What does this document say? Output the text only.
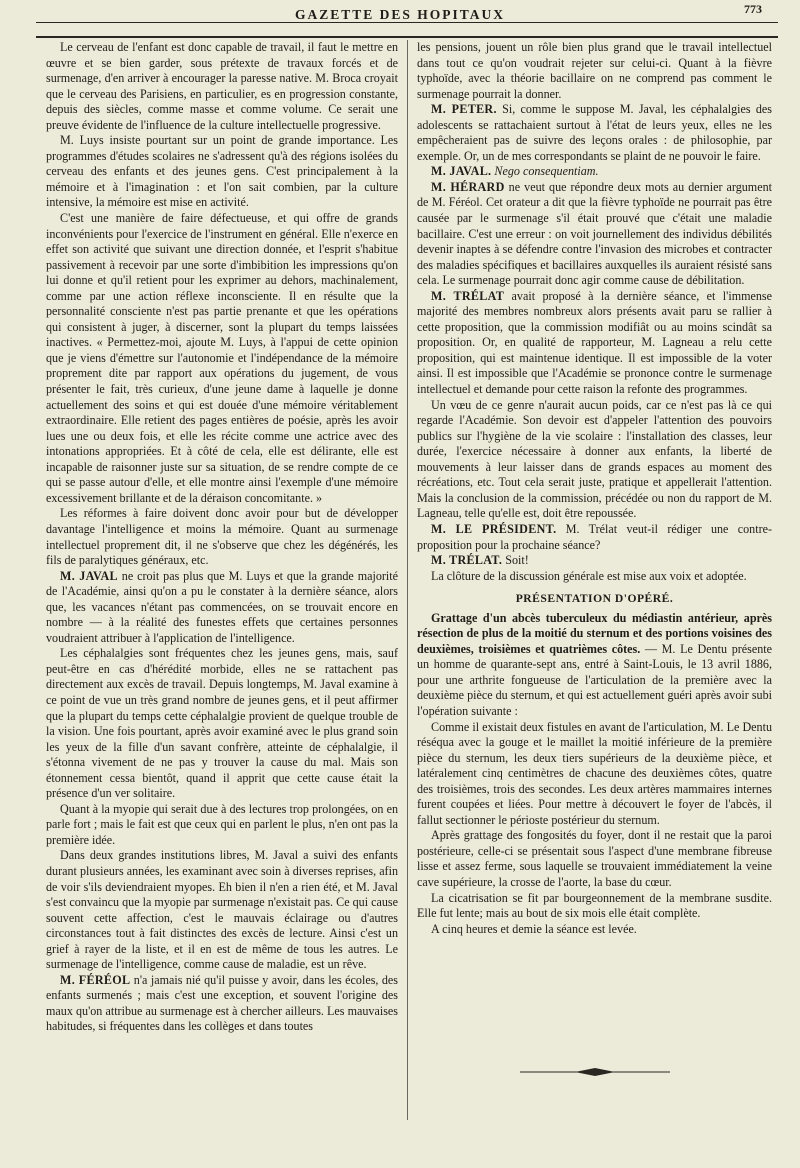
GAZETTE DES HOPITAUX	773

Le cerveau de l'enfant est donc capable de travail, il faut le mettre en œuvre et se bien garder, sous prétexte de travaux forcés et de surmenage, d'en arriver à encourager la paresse native. M. Broca croyait que le cerveau des Parisiens, en particulier, es en progression constante, depuis des siècles, comme masse et comme volume. Ce serait une preuve évidente de l'influence de la culture intellectuelle progressive.

M. Luys insiste pourtant sur un point de grande importance. Les programmes d'études scolaires ne s'adressent qu'à des régions isolées du cerveau des enfants et des jeunes gens. C'est principalement à la mémoire et à l'imagination : et l'on sait combien, par la culture intensive, la mémoire est mise en activité.

C'est une manière de faire défectueuse, et qui offre de grands inconvénients pour l'exercice de l'instrument en général. Elle n'exerce en effet son activité que suivant une direction donnée, et l'esprit s'habitue passivement à recevoir par une sorte d'imbibition les impressions qu'on lui donne et qu'il retient pour les exprimer au dehors, machinalement, comme par une action réflexe inconsciente. Il en résulte que la personnalité consciente n'est pas partie prenante et que les opérations qui consistent à juger, à discerner, sont la plupart du temps laissées inactives. « Permettez-moi, ajoute M. Luys, à l'appui de cette opinion que je viens d'émettre sur l'autonomie et l'indépendance de la mémoire proprement dite par rapport aux opérations du jugement, de vous présenter le fait, très curieux, d'une jeune dame à laquelle je donne actuellement des soins et qui est douée d'une mémoire véritablement extraordinaire. Elle retient des pages entières de poésie, après les avoir lues une ou deux fois, et elle les récite comme une actrice avec des intonations appropriées. Et à côté de cela, elle est délirante, elle est incapable de raisonner juste sur sa situation, de se rendre compte de ce qui se passe autour d'elle, et elle montre ainsi l'exemple d'une mémoire excessivement brillante et de la déraison concomitante. »

Les réformes à faire doivent donc avoir pour but de développer davantage l'intelligence et moins la mémoire. Quant au surmenage intellectuel proprement dit, il ne s'observe que chez les dégénérés, les fils de paralytiques généraux, etc.

M. JAVAL ne croit pas plus que M. Luys et que la grande majorité de l'Académie, ainsi qu'on a pu le constater à la dernière séance, alors que, les vacances n'étant pas commencées, on se trouvait encore en nombre — à la réalité des funestes effets que certaines personnes voudraient attribuer à l'application de l'intelligence.

Les céphalalgies sont fréquentes chez les jeunes gens, mais, sauf peut-être en cas d'hérédité morbide, elles ne se rattachent pas directement aux excès de travail. Depuis longtemps, M. Javal examine à ce point de vue un très grand nombre de jeunes gens, et il peut affirmer que la plupart du temps cette céphalalgie provient de quelque trouble de la vision. Une fois pourtant, après avoir examiné avec le plus grand soin les yeux de la fille d'un savant confrère, atteinte de céphalalgie, il s'étonna vivement de ne pas y trouver la cause du mal. Mais son étonnement cessa bientôt, quand il apprit que cette cause était la présence d'un ver solitaire.

Quant à la myopie qui serait due à des lectures trop prolongées, on en parle fort ; mais le fait est que ceux qui en parlent le plus, n'en ont pas la première idée.

Dans deux grandes institutions libres, M. Javal a suivi des enfants durant plusieurs années, les examinant avec soin à diverses reprises, afin de voir s'ils deviendraient myopes. Eh bien il n'en a rien été, et M. Javal s'est convaincu que la myopie par surmenage n'existait pas. Ce qui cause souvent cette affection, c'est le mauvais éclairage ou d'autres circonstances tout à fait distinctes des excès de lecture. Ainsi c'est un grief à rayer de la liste, et il en est de même de tous les autres. Le surmenage de l'intelligence, comme cause de maladie, est un rêve.

M. FÉRÉOL n'a jamais nié qu'il puisse y avoir, dans les écoles, des enfants surmenés ; mais c'est une exception, et souvent l'origine des maux qu'on attribue au surmenage est à chercher ailleurs. Les mauvaises habitudes, si fréquentes dans les collèges et dans toutes

les pensions, jouent un rôle bien plus grand que le travail intellectuel dans tout ce qu'on voudrait rejeter sur celui-ci. Quant à la fièvre typhoïde, avec la théorie bacillaire on ne comprend pas comment le surmenage pourrait la donner.

M. PETER. Si, comme le suppose M. Javal, les céphalalgies des adolescents se rattachaient surtout à l'état de leurs yeux, elles ne les empêcheraient pas de suivre des leçons orales : de philosophie, par exemple. Or, un de mes correspondants se plaint de ne pouvoir le faire.

M. JAVAL. Nego consequentiam.

M. HÉRARD ne veut que répondre deux mots au dernier argument de M. Féréol. Cet orateur a dit que la fièvre typhoïde ne pourrait pas être causée par le surmenage s'il était prouvé que c'était une maladie bacillaire. C'est une erreur : on voit journellement des individus débilités devenir inaptes à se défendre contre l'invasion des microbes et contracter des maladies spécifiques et bacillaires auxquelles ils auraient résisté sans cela. Le surmenage pourrait donc agir comme cause de débilitation.

M. TRÉLAT avait proposé à la dernière séance, et l'immense majorité des membres nombreux alors présents avait paru se rallier à cette proposition, que la commission modifiât ou au moins scindât sa proposition. Or, en qualité de rapporteur, M. Lagneau a relu cette proposition, qui est maintenue identique. Il est impossible de la voter ainsi. Il est impossible que l'Académie se prononce contre le surmenage intellectuel et demande pour cette raison la refonte des programmes.

Un vœu de ce genre n'aurait aucun poids, car ce n'est pas là ce qui regarde l'Académie. Son devoir est d'appeler l'attention des pouvoirs publics sur l'hygiène de la vie scolaire : l'installation des classes, leur durée, l'exercice nécessaire à donner aux enfants, la liberté de mouvements à leur laisser dans de grands espaces au moment des récréations, etc. Tout cela serait juste, pratique et appellerait l'attention. Mais la conclusion de la commission, précédée ou non du rapport de M. Lagneau, telle qu'elle est, doit être repoussée.

M. LE PRÉSIDENT. M. Trélat veut-il rédiger une contre-proposition pour la prochaine séance?

M. TRÉLAT. Soit!

La clôture de la discussion générale est mise aux voix et adoptée.

PRÉSENTATION D'OPÉRÉ.

Grattage d'un abcès tuberculeux du médiastin antérieur, après résection de plus de la moitié du sternum et des portions voisines des deuxièmes, troisièmes et quatrièmes côtes. — M. Le Dentu présente un homme de quarante-sept ans, entré à Saint-Louis, le 13 avril 1886, pour une arthrite fongueuse de l'articulation de la première avec la deuxième pièce du sternum, et qui est actuellement guéri après avoir subi l'opération suivante :

Comme il existait deux fistules en avant de l'articulation, M. Le Dentu réséqua avec la gouge et le maillet la moitié inférieure de la première pièce du sternum, les deux tiers supérieurs de la deuxième pièce, et latéralement cinq centimètres de chacune des deuxièmes côtes, quatre des troisièmes, trois des secondes. Les deux artères mammaires internes furent coupées et liées. Pour mettre à découvert le foyer de l'abcès, il fallut sectionner le périoste postérieur du sternum.

Après grattage des fongosités du foyer, dont il ne restait que la paroi postérieure, celle-ci se présentait sous l'aspect d'une membrane fibreuse lisse et assez ferme, sous laquelle se trouvaient immédiatement la veine cave supérieure, la crosse de l'aorte, la base du cœur.

La cicatrisation se fit par bourgeonnement de la membrane susdite. Elle fut lente; mais au bout de six mois elle était complète.

A cinq heures et demie la séance est levée.
